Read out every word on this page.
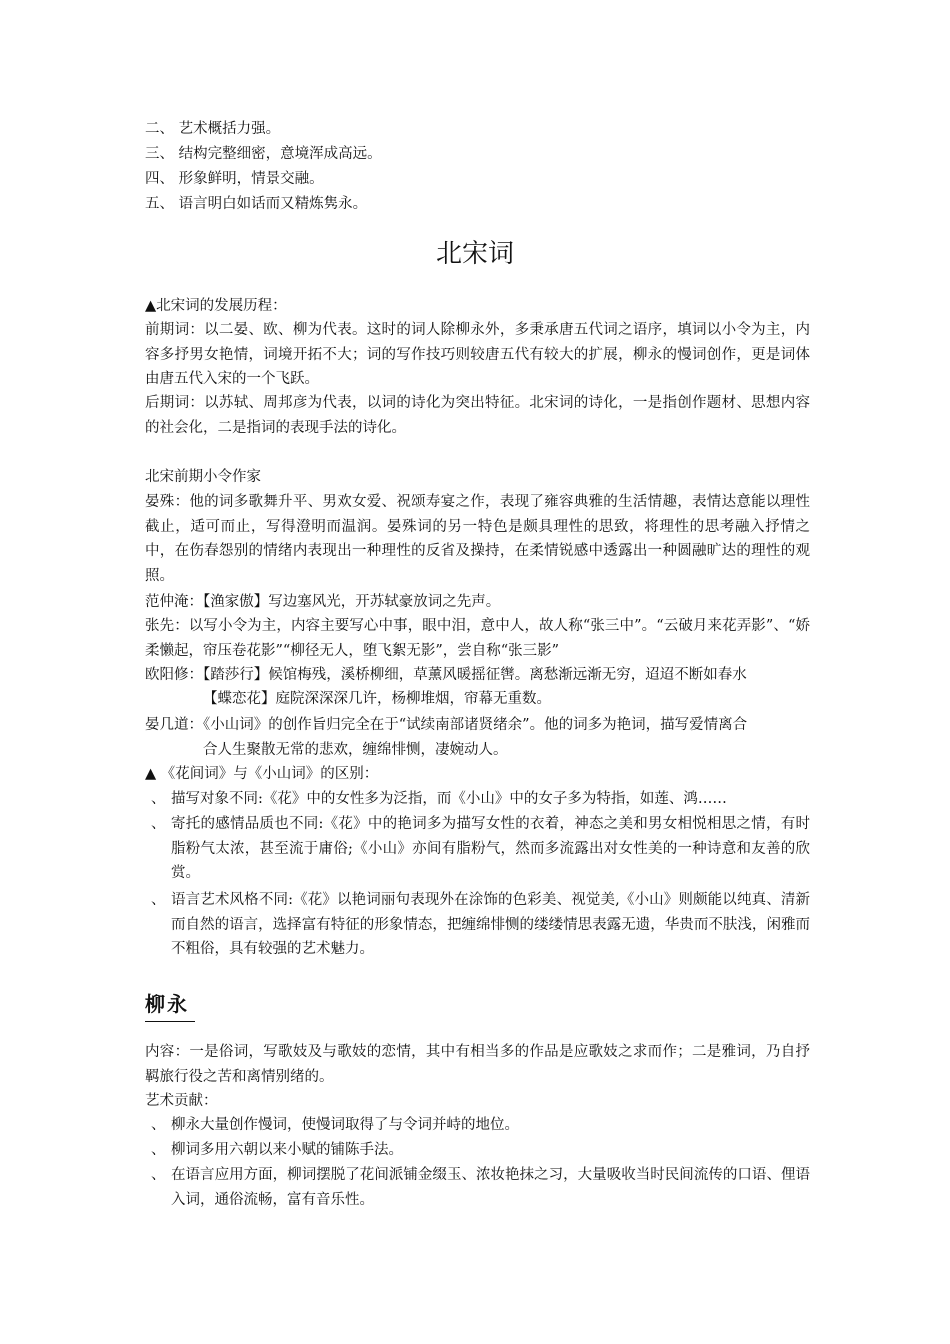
二、 艺术概括力强。
三、 结构完整细密，意境浑成高远。
四、 形象鲜明，情景交融。
五、 语言明白如话而又精炼隽永。
北宋词
▲北宋词的发展历程：
前期词：以二晏、欧、柳为代表。这时的词人除柳永外，多秉承唐五代词之语序，填词以小令为主，内容多抒男女艳情，词境开拓不大；词的写作技巧则较唐五代有较大的扩展，柳永的慢词创作，更是词体由唐五代入宋的一个飞跃。
后期词：以苏轼、周邦彦为代表，以词的诗化为突出特征。北宋词的诗化，一是指创作题材、思想内容的社会化，二是指词的表现手法的诗化。
北宋前期小令作家
晏殊：他的词多歌舞升平、男欢女爱、祝颂寿宴之作，表现了雍容典雅的生活情趣，表情达意能以理性截止，适可而止，写得澄明而温润。晏殊词的另一特色是颇具理性的思致，将理性的思考融入抒情之中，在伤春怨别的情绪内表现出一种理性的反省及操持，在柔情锐感中透露出一种圆融旷达的理性的观照。
范仲淹：【渔家傲】写边塞风光，开苏轼豪放词之先声。
张先：以写小令为主，内容主要写心中事，眼中泪，意中人，故人称“张三中”。“云破月来花弄影”、“娇柔懒起，帘压卷花影”“柳径无人，堕飞絮无影”，尝自称“张三影”
欧阳修：【踏莎行】候馆梅残，溪桥柳细，草薰风暖摇征辔。离愁渐远渐无穷，迢迢不断如春水
【蝶恋花】庭院深深深几许，杨柳堆烟，帘幕无重数。
晏几道：《小山词》的创作旨归完全在于“试续南部诸贤绪余”。他的词多为艳词，描写爱情离合
合人生聚散无常的悲欢，缠绵悱恻，凄婉动人。
▲ 《花间词》与《小山词》的区别：
、 描写对象不同:《花》中的女性多为泛指，而《小山》中的女子多为特指，如莲、鸿……
、 寄托的感情品质也不同:《花》中的艳词多为描写女性的衣着，神态之美和男女相悦相思之情，有时脂粉气太浓，甚至流于庸俗;《小山》亦间有脂粉气，然而多流露出对女性美的一种诗意和友善的欣赏。
、 语言艺术风格不同:《花》以艳词丽句表现外在涂饰的色彩美、视觉美,《小山》则颇能以纯真、清新而自然的语言，选择富有特征的形象情态，把缠绵悱恻的缕缕情思表露无遗，华贵而不肤浅，闲雅而不粗俗，具有较强的艺术魅力。
柳永
内容：一是俗词，写歌妓及与歌妓的恋情，其中有相当多的作品是应歌妓之求而作；二是雅词，乃自抒羁旅行役之苦和离情别绪的。
艺术贡献：
、 柳永大量创作慢词，使慢词取得了与令词并峙的地位。
、 柳词多用六朝以来小赋的铺陈手法。
、 在语言应用方面，柳词摆脱了花间派铺金缀玉、浓妆艳抹之习，大量吸收当时民间流传的口语、俚语入词，通俗流畅，富有音乐性。
